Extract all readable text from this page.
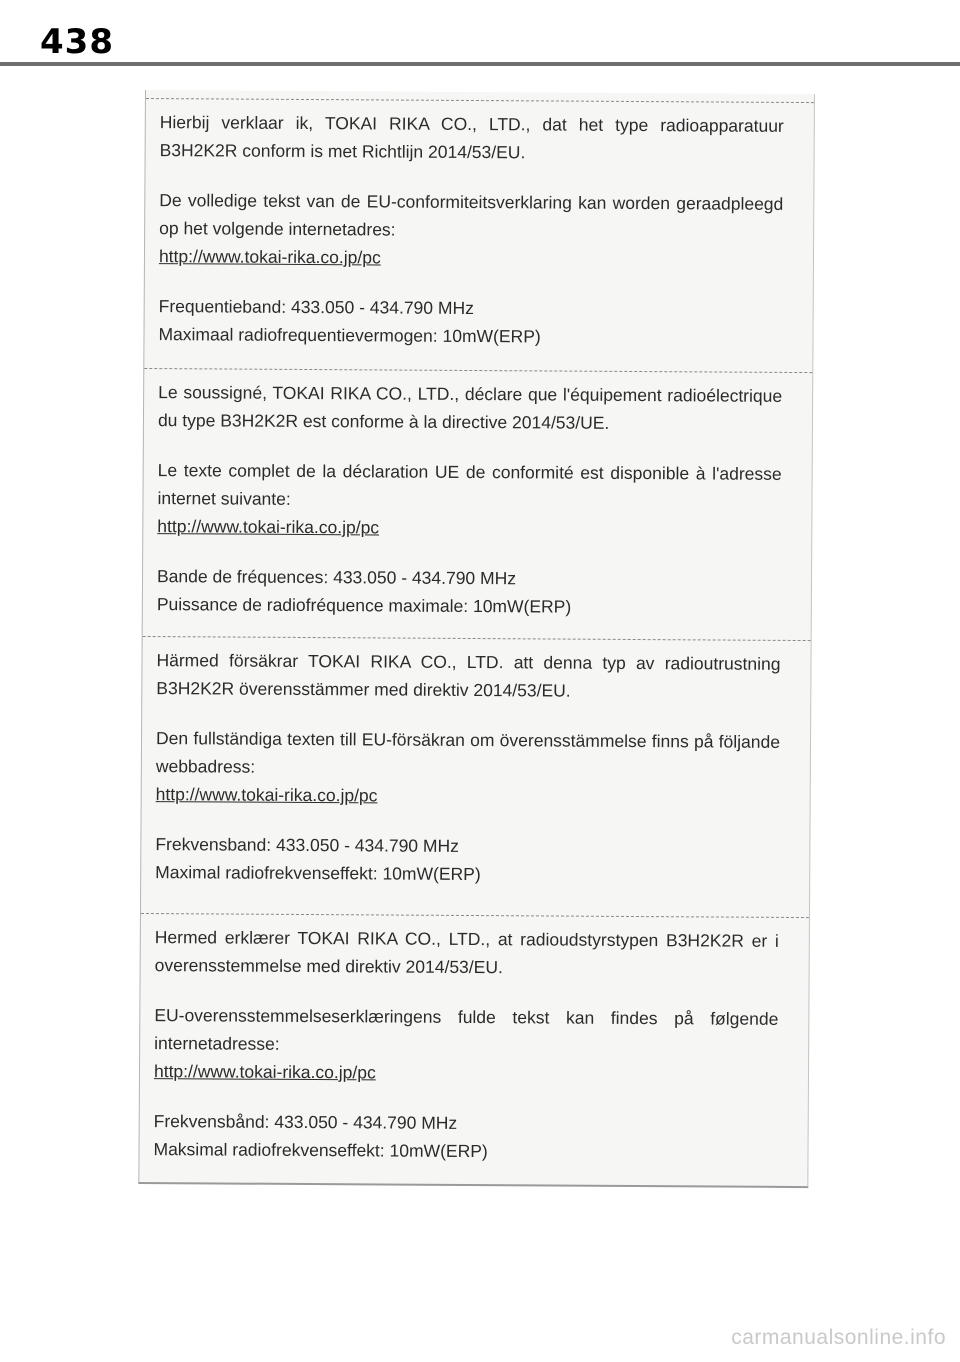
438

Hierbij verklaar ik, TOKAI RIKA CO., LTD., dat het type radioapparatuur B3H2K2R conform is met Richtlijn 2014/53/EU.

De volledige tekst van de EU-conformiteitsverklaring kan worden geraadpleegd op het volgende internetadres:

http://www.tokai-rika.co.jp/pc

Frequentieband: 433.050 - 434.790 MHz

Maximaal radiofrequentievermogen: 10mW(ERP)

Le soussigné, TOKAI RIKA CO., LTD., déclare que l'équipement radioélectrique du type B3H2K2R est conforme à la directive 2014/53/UE.

Le texte complet de la déclaration UE de conformité est disponible à l'adresse internet suivante:

http://www.tokai-rika.co.jp/pc

Bande de fréquences: 433.050 - 434.790 MHz

Puissance de radiofréquence maximale: 10mW(ERP)

Härmed försäkrar TOKAI RIKA CO., LTD. att denna typ av radioutrustning B3H2K2R överensstämmer med direktiv 2014/53/EU.

Den fullständiga texten till EU-försäkran om överensstämmelse finns på följande webbadress:

http://www.tokai-rika.co.jp/pc

Frekvensband: 433.050 - 434.790 MHz

Maximal radiofrekvenseffekt: 10mW(ERP)

Hermed erklærer TOKAI RIKA CO., LTD., at radioudstyrstypen B3H2K2R er i overensstemmelse med direktiv 2014/53/EU.

EU-overensstemmelseserklæringens fulde tekst kan findes på følgende internetadresse:

http://www.tokai-rika.co.jp/pc

Frekvensbånd: 433.050 - 434.790 MHz

Maksimal radiofrekvenseffekt: 10mW(ERP)

carmanualsonline.info
